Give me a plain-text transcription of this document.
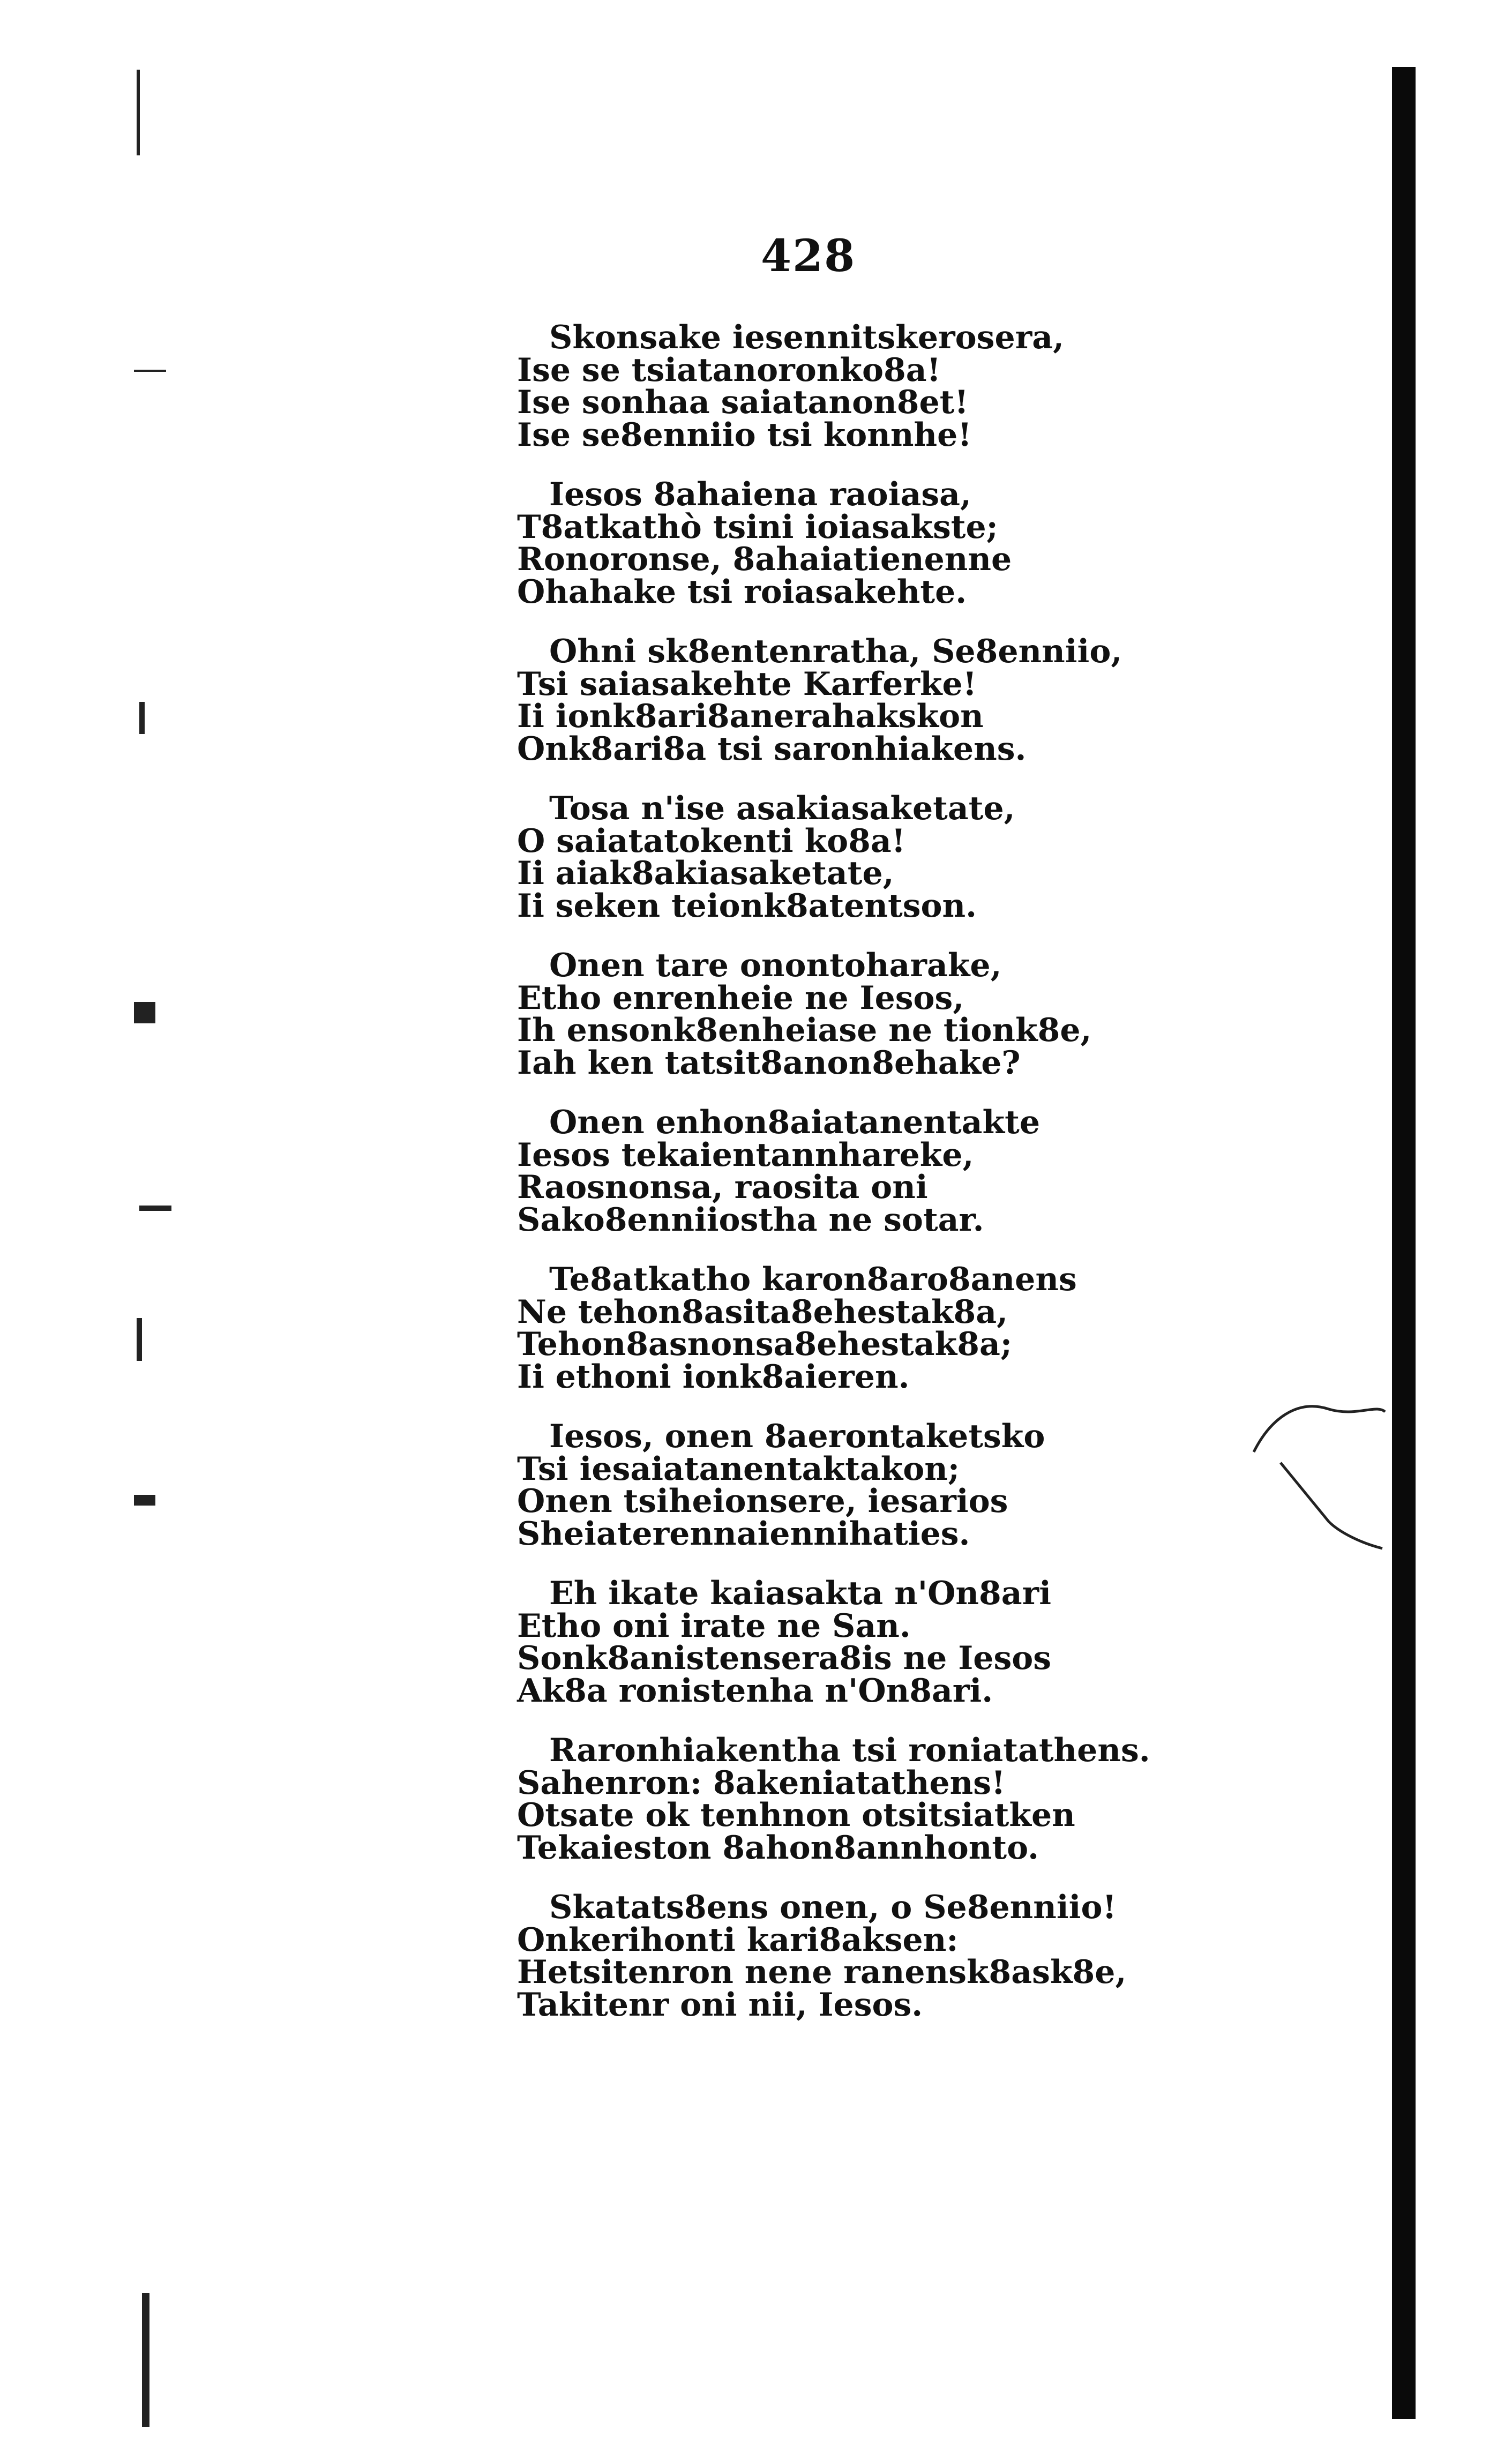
428
Skonsake iesennitskerosera,
Ise se tsiatanoronko8a!
Ise sonhaa saiatanon8et!
Ise se8enniio tsi konnhe!
Iesos 8ahaiena raoiasa,
T8atkathò tsini ioiasakste;
Ronoronse, 8ahaiatienenne
Ohahake tsi roiasakehte.
Ohni sk8entenratha, Se8enniio,
Tsi saiasakehte Karferke!
Ii ionk8ari8anerahakskon
Onk8ari8a tsi saronhiakens.
Tosa n'ise asakiasaketate,
O saiatatokenti ko8a!
Ii aiak8akiasaketate,
Ii seken teionk8atentson.
Onen tare onontoharake,
Etho enrenheie ne Iesos,
Ih ensonk8enheiase ne tionk8e,
Iah ken tatsit8anon8ehake?
Onen enhon8aiatanentakte
Iesos tekaientannhareke,
Raosnonsa, raosita oni
Sako8enniiostha ne sotar.
Te8atkatho karon8aro8anens
Ne tehon8asita8ehestak8a,
Tehon8asnonsa8ehestak8a;
Ii ethoni ionk8aieren.
Iesos, onen 8aerontaketsko
Tsi iesaiatanentaktakon;
Onen tsiheionsere, iesarios
Sheiaterennaiennihaties.
Eh ikate kaiasakta n'On8ari
Etho oni irate ne San.
Sonk8anistensera8is ne Iesos
Ak8a ronistenha n'On8ari.
Raronhiakentha tsi roniatathens.
Sahenron: 8akeniatathens!
Otsate ok tenhnon otsitsiatken
Tekaieston 8ahon8annhonto.
Skatats8ens onen, o Se8enniio!
Onkerihonti kari8aksen:
Hetsitenron nene ranensk8ask8e,
Takitenr oni nii, Iesos.
